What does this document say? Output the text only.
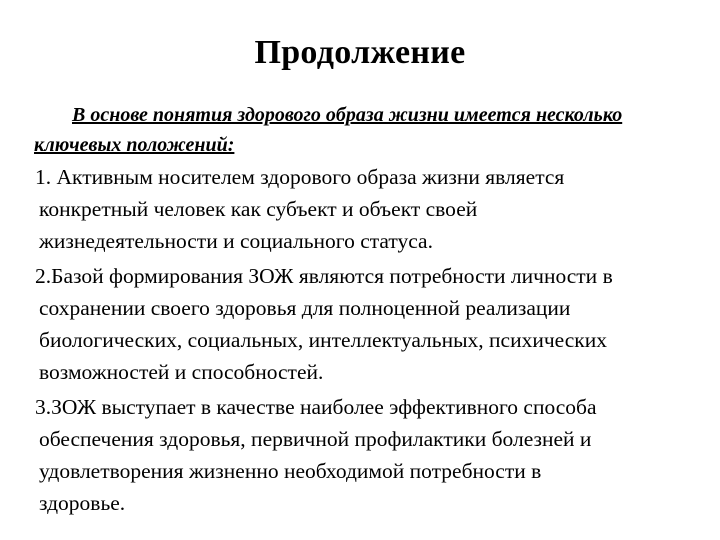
Продолжение
В основе понятия здорового образа жизни имеется несколько ключевых положений:
1. Активным носителем здорового образа жизни является
конкретный человек как субъект и объект своей
жизнедеятельности и социального статуса.
2.Базой формирования ЗОЖ являются потребности личности в
сохранении своего здоровья для полноценной реализации
биологических, социальных, интеллектуальных, психических
возможностей и способностей.
3.ЗОЖ выступает в качестве наиболее эффективного способа
обеспечения здоровья, первичной профилактики болезней и
удовлетворения жизненно необходимой потребности в
здоровье.
